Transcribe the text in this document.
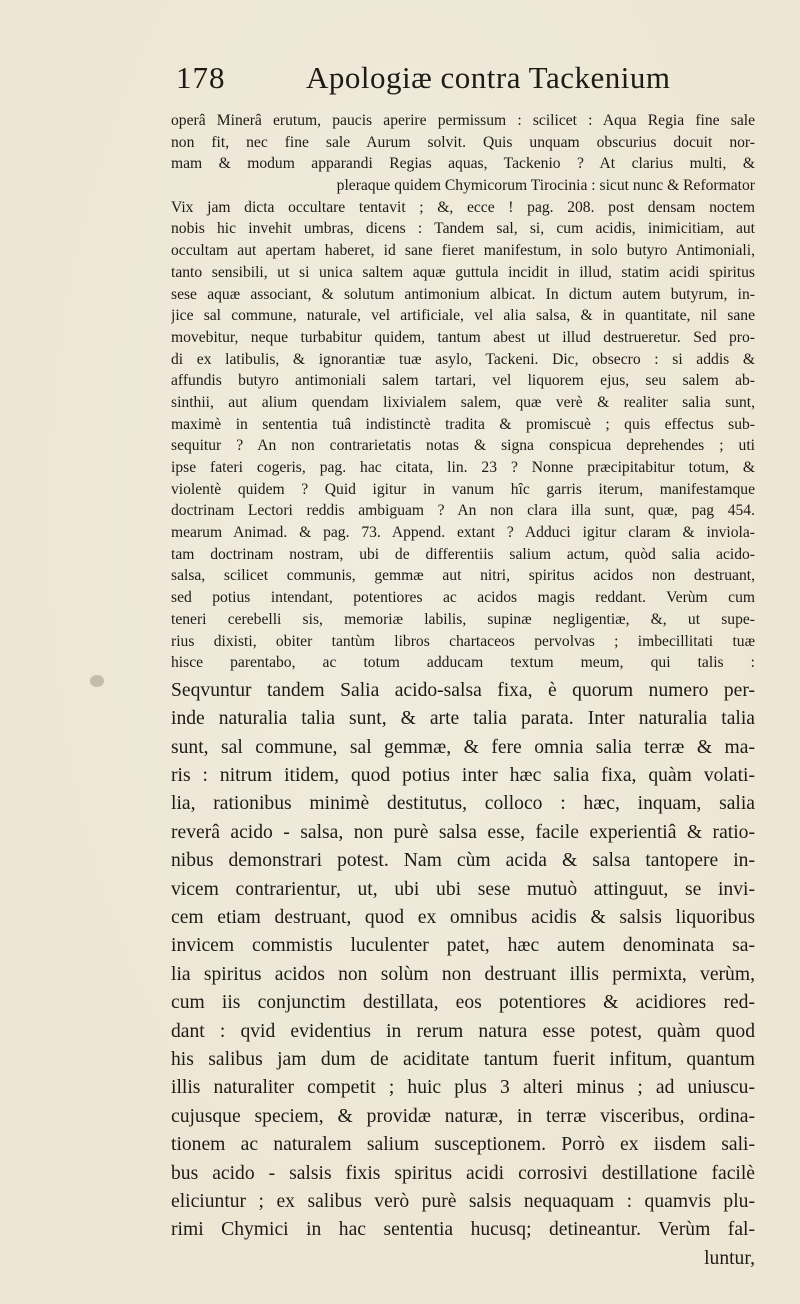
178	Apologiæ contra Tackenium
operâ Minerâ erutum, paucis aperire permissum : scilicet : Aqua Regia fine sale
non fit, nec fine sale Aurum solvit. Quis unquam obscurius docuit nor-
mam & modum apparandi Regias aquas, Tackenio ? At clarius multi, &
pleraque quidem Chymicorum Tirocinia : sicut nunc & Reformator
Vix jam dicta occultare tentavit ; &, ecce ! pag. 208. post densam noctem
nobis hic invehit umbras, dicens : Tandem sal, si, cum acidis, inimicitiam, aut
occultam aut apertam haberet, id sane fieret manifestum, in solo butyro Antimoniali,
tanto sensibili, ut si unica saltem aquæ guttula incidit in illud, statim acidi spiritus
sese aquæ associant, & solutum antimonium albicat. In dictum autem butyrum, in-
jice sal commune, naturale, vel artificiale, vel alia salsa, & in quantitate, nil sane
movebitur, neque turbabitur quidem, tantum abest ut illud destrueretur. Sed pro-
di ex latibulis, & ignorantiæ tuæ asylo, Tackeni. Dic, obsecro : si addis &
affundis butyro antimoniali salem tartari, vel liquorem ejus, seu salem ab-
sinthii, aut alium quendam lixivialem salem, quæ verè & realiter salia sunt,
maximè in sententia tuâ indistinctè tradita & promiscuè ; quis effectus sub-
sequitur ? An non contrarietatis notas & signa conspicua deprehendes ; uti
ipse fateri cogeris, pag. hac citata, lin. 23 ? Nonne præcipitabitur totum, &
violentè quidem ? Quid igitur in vanum hîc garris iterum, manifestamque
doctrinam Lectori reddis ambiguam ? An non clara illa sunt, quæ, pag 454.
mearum Animad. & pag. 73. Append. extant ? Adduci igitur claram & inviola-
tam doctrinam nostram, ubi de differentiis salium actum, quòd salia acido-
salsa, scilicet communis, gemmæ aut nitri, spiritus acidos non destruant,
sed potius intendant, potentiores ac acidos magis reddant. Verùm cum
teneri cerebelli sis, memoriæ labilis, supinæ negligentiæ, &, ut supe-
rius dixisti, obiter tantùm libros chartaceos pervolvas ; imbecillitati tuæ
hisce parentabo, ac totum adducam textum meum, qui talis :
Seqvuntur tandem Salia acido-salsa fixa, è quorum numero per-
inde naturalia talia sunt, & arte talia parata. Inter naturalia talia
sunt, sal commune, sal gemmæ, & fere omnia salia terræ & ma-
ris : nitrum itidem, quod potius inter hæc salia fixa, quàm volati-
lia, rationibus minimè destitutus, colloco : hæc, inquam, salia
reverâ acido - salsa, non purè salsa esse, facile experientiâ & ratio-
nibus demonstrari potest. Nam cùm acida & salsa tantopere in-
vicem contrarientur, ut, ubi ubi sese mutuò attinguut, se invi-
cem etiam destruant, quod ex omnibus acidis & salsis liquoribus
invicem commistis luculenter patet, hæc autem denominata sa-
lia spiritus acidos non solùm non destruant illis permixta, verùm,
cum iis conjunctim destillata, eos potentiores & acidiores red-
dant : qvid evidentius in rerum natura esse potest, quàm quod
his salibus jam dum de aciditate tantum fuerit infitum, quantum
illis naturaliter competit ; huic plus 3 alteri minus ; ad uniuscu-
cujusque speciem, & providæ naturæ, in terræ visceribus, ordina-
tionem ac naturalem salium susceptionem. Porrò ex iisdem sali-
bus acido - salsis fixis spiritus acidi corrosivi destillatione facilè
eliciuntur ; ex salibus verò purè salsis nequaquam : quamvis plu-
rimi Chymici in hac sententia hucusq; detineantur. Verùm fal-
luntur,
